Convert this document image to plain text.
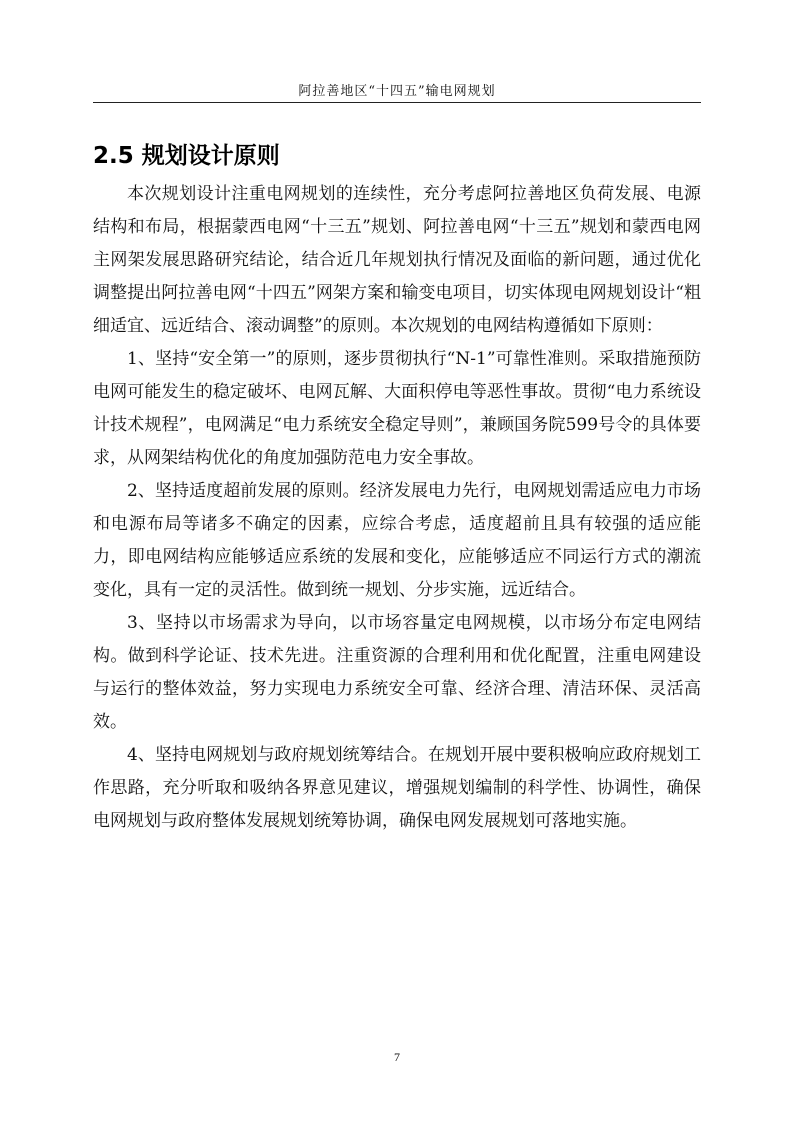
阿拉善地区“十四五”输电网规划
2.5 规划设计原则

本次规划设计注重电网规划的连续性，充分考虑阿拉善地区负荷发展、电源结构和布局，根据蒙西电网“十三五”规划、阿拉善电网“十三五”规划和蒙西电网主网架发展思路研究结论，结合近几年规划执行情况及面临的新问题，通过优化调整提出阿拉善电网“十四五”网架方案和输变电项目，切实体现电网规划设计“粗细适宜、远近结合、滚动调整”的原则。本次规划的电网结构遵循如下原则：

1、坚持“安全第一”的原则，逐步贯彻执行“N-1”可靠性准则。采取措施预防电网可能发生的稳定破坏、电网瓦解、大面积停电等恶性事故。贯彻“电力系统设计技术规程”，电网满足“电力系统安全稳定导则”，兼顾国务院599号令的具体要求，从网架结构优化的角度加强防范电力安全事故。

2、坚持适度超前发展的原则。经济发展电力先行，电网规划需适应电力市场和电源布局等诸多不确定的因素，应综合考虑，适度超前且具有较强的适应能力，即电网结构应能够适应系统的发展和变化，应能够适应不同运行方式的潮流变化，具有一定的灵活性。做到统一规划、分步实施，远近结合。

3、坚持以市场需求为导向，以市场容量定电网规模，以市场分布定电网结构。做到科学论证、技术先进。注重资源的合理利用和优化配置，注重电网建设与运行的整体效益，努力实现电力系统安全可靠、经济合理、清洁环保、灵活高效。

4、坚持电网规划与政府规划统筹结合。在规划开展中要积极响应政府规划工作思路，充分听取和吸纳各界意见建议，增强规划编制的科学性、协调性，确保电网规划与政府整体发展规划统筹协调，确保电网发展规划可落地实施。

7
